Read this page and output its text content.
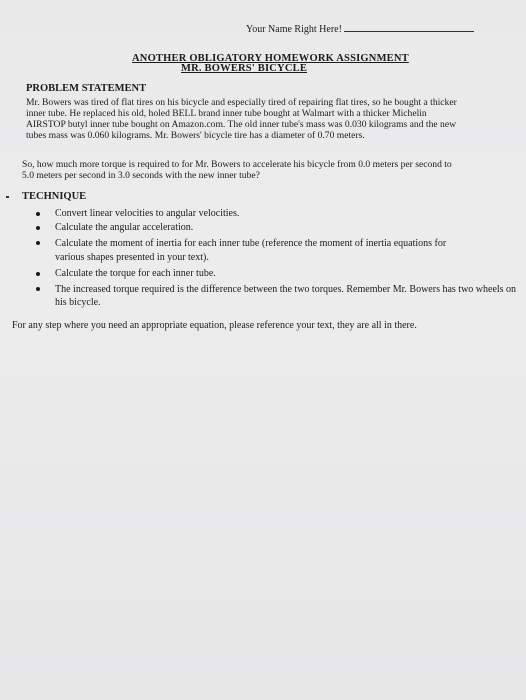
Your Name Right Here!
ANOTHER OBLIGATORY HOMEWORK ASSIGNMENT
MR. BOWERS' BICYCLE
PROBLEM STATEMENT
Mr. Bowers was tired of flat tires on his bicycle and especially tired of repairing flat tires, so he bought a thicker inner tube. He replaced his old, holed BELL brand inner tube bought at Walmart with a thicker Michelin AIRSTOP butyl inner tube bought on Amazon.com. The old inner tube's mass was 0.030 kilograms and the new tubes mass was 0.060 kilograms. Mr. Bowers' bicycle tire has a diameter of 0.70 meters.
So, how much more torque is required to for Mr. Bowers to accelerate his bicycle from 0.0 meters per second to 5.0 meters per second in 3.0 seconds with the new inner tube?
TECHNIQUE
Convert linear velocities to angular velocities.
Calculate the angular acceleration.
Calculate the moment of inertia for each inner tube (reference the moment of inertia equations for various shapes presented in your text).
Calculate the torque for each inner tube.
The increased torque required is the difference between the two torques. Remember Mr. Bowers has two wheels on his bicycle.
For any step where you need an appropriate equation, please reference your text, they are all in there.
